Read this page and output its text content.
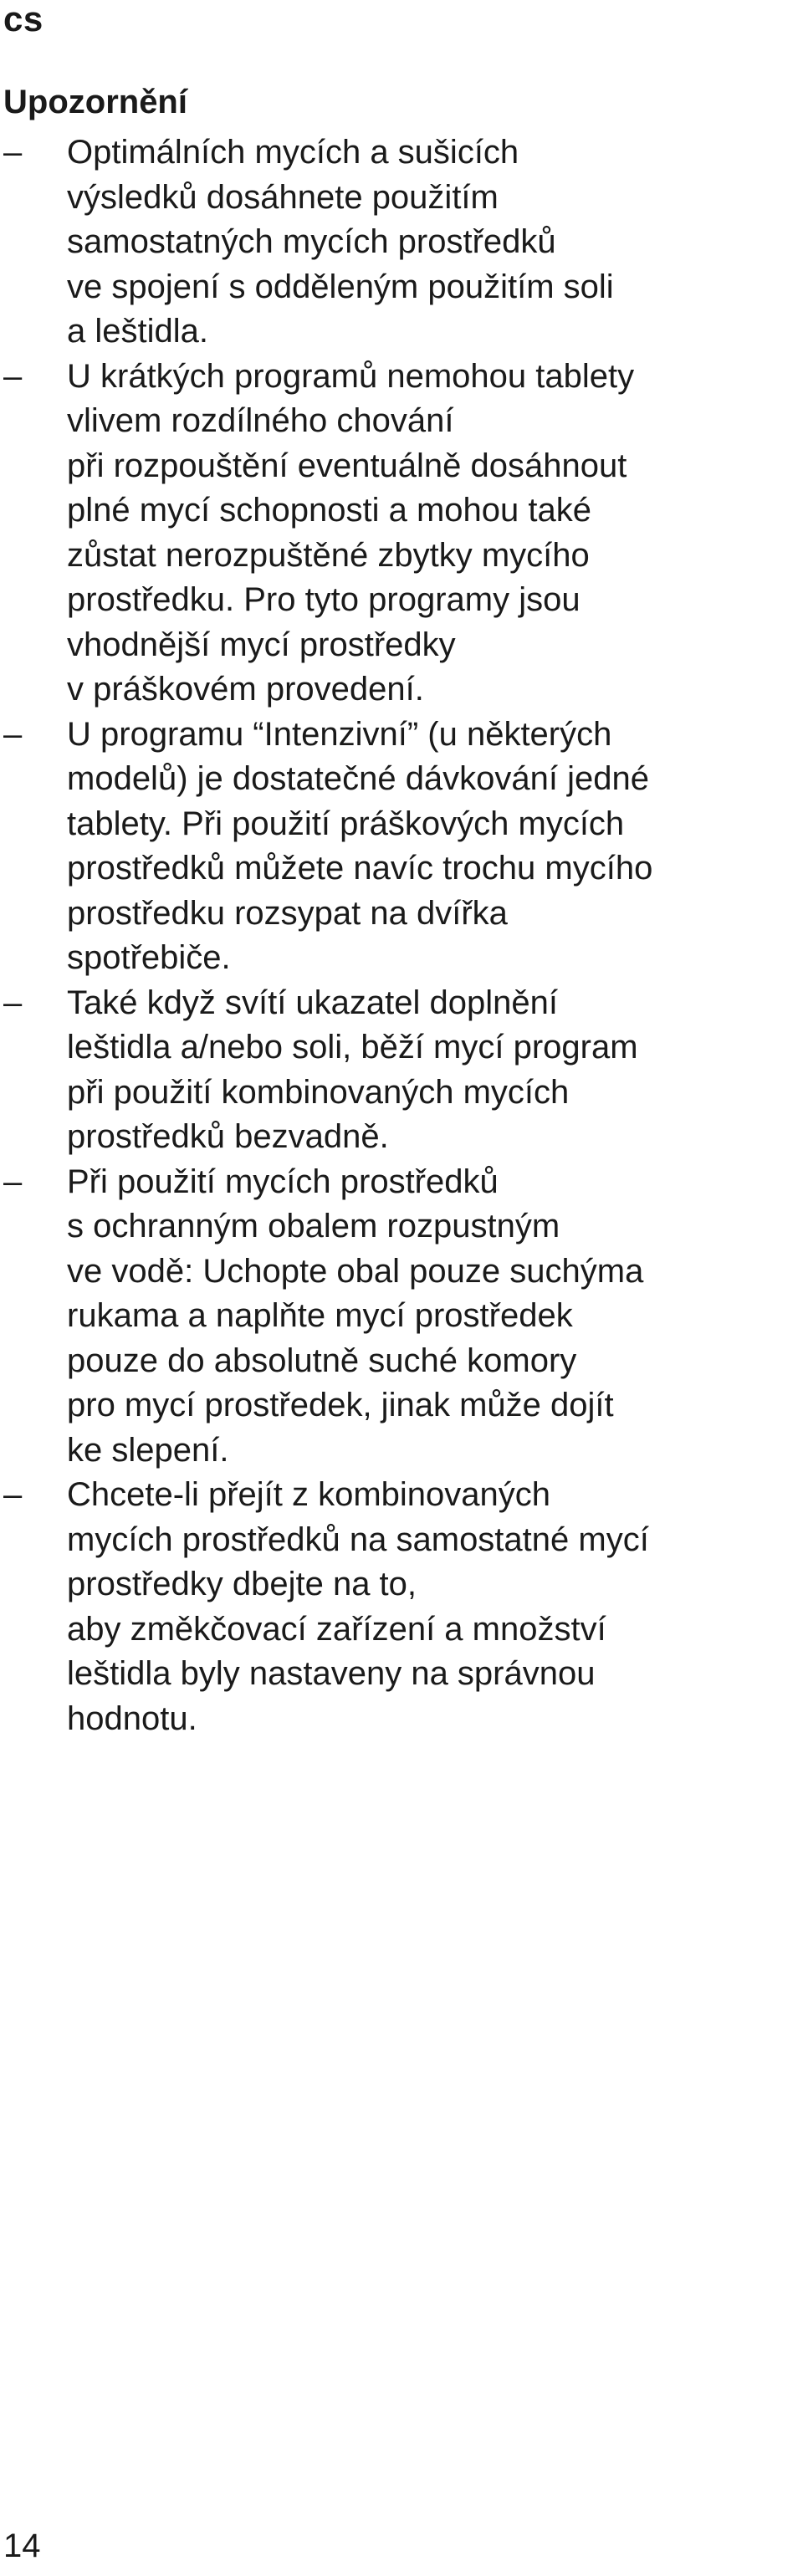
cs
Upozornění
–	Optimálních mycích a sušicích
výsledků dosáhnete použitím
samostatných mycích prostředků
ve spojení s odděleným použitím soli
a leštidla.
–	U krátkých programů nemohou tablety
vlivem rozdílného chování
při rozpouštění eventuálně dosáhnout
plné mycí schopnosti a mohou také
zůstat nerozpuštěné zbytky mycího
prostředku. Pro tyto programy jsou
vhodnější mycí prostředky
v práškovém provedení.
–	U programu “Intenzivní” (u některých
modelů) je dostatečné dávkování jedné
tablety. Při použití práškových mycích
prostředků můžete navíc trochu mycího
prostředku rozsypat na dvířka
spotřebiče.
–	Také když svítí ukazatel doplnění
leštidla a/nebo soli, běží mycí program
při použití kombinovaných mycích
prostředků bezvadně.
–	Při použití mycích prostředků
s ochranným obalem rozpustným
ve vodě: Uchopte obal pouze suchýma
rukama a naplňte mycí prostředek
pouze do absolutně suché komory
pro mycí prostředek, jinak může dojít
ke slepení.
–	Chcete-li přejít z kombinovaných
mycích prostředků na samostatné mycí
prostředky dbejte na to,
aby změkčovací zařízení a množství
leštidla byly nastaveny na správnou
hodnotu.
14
